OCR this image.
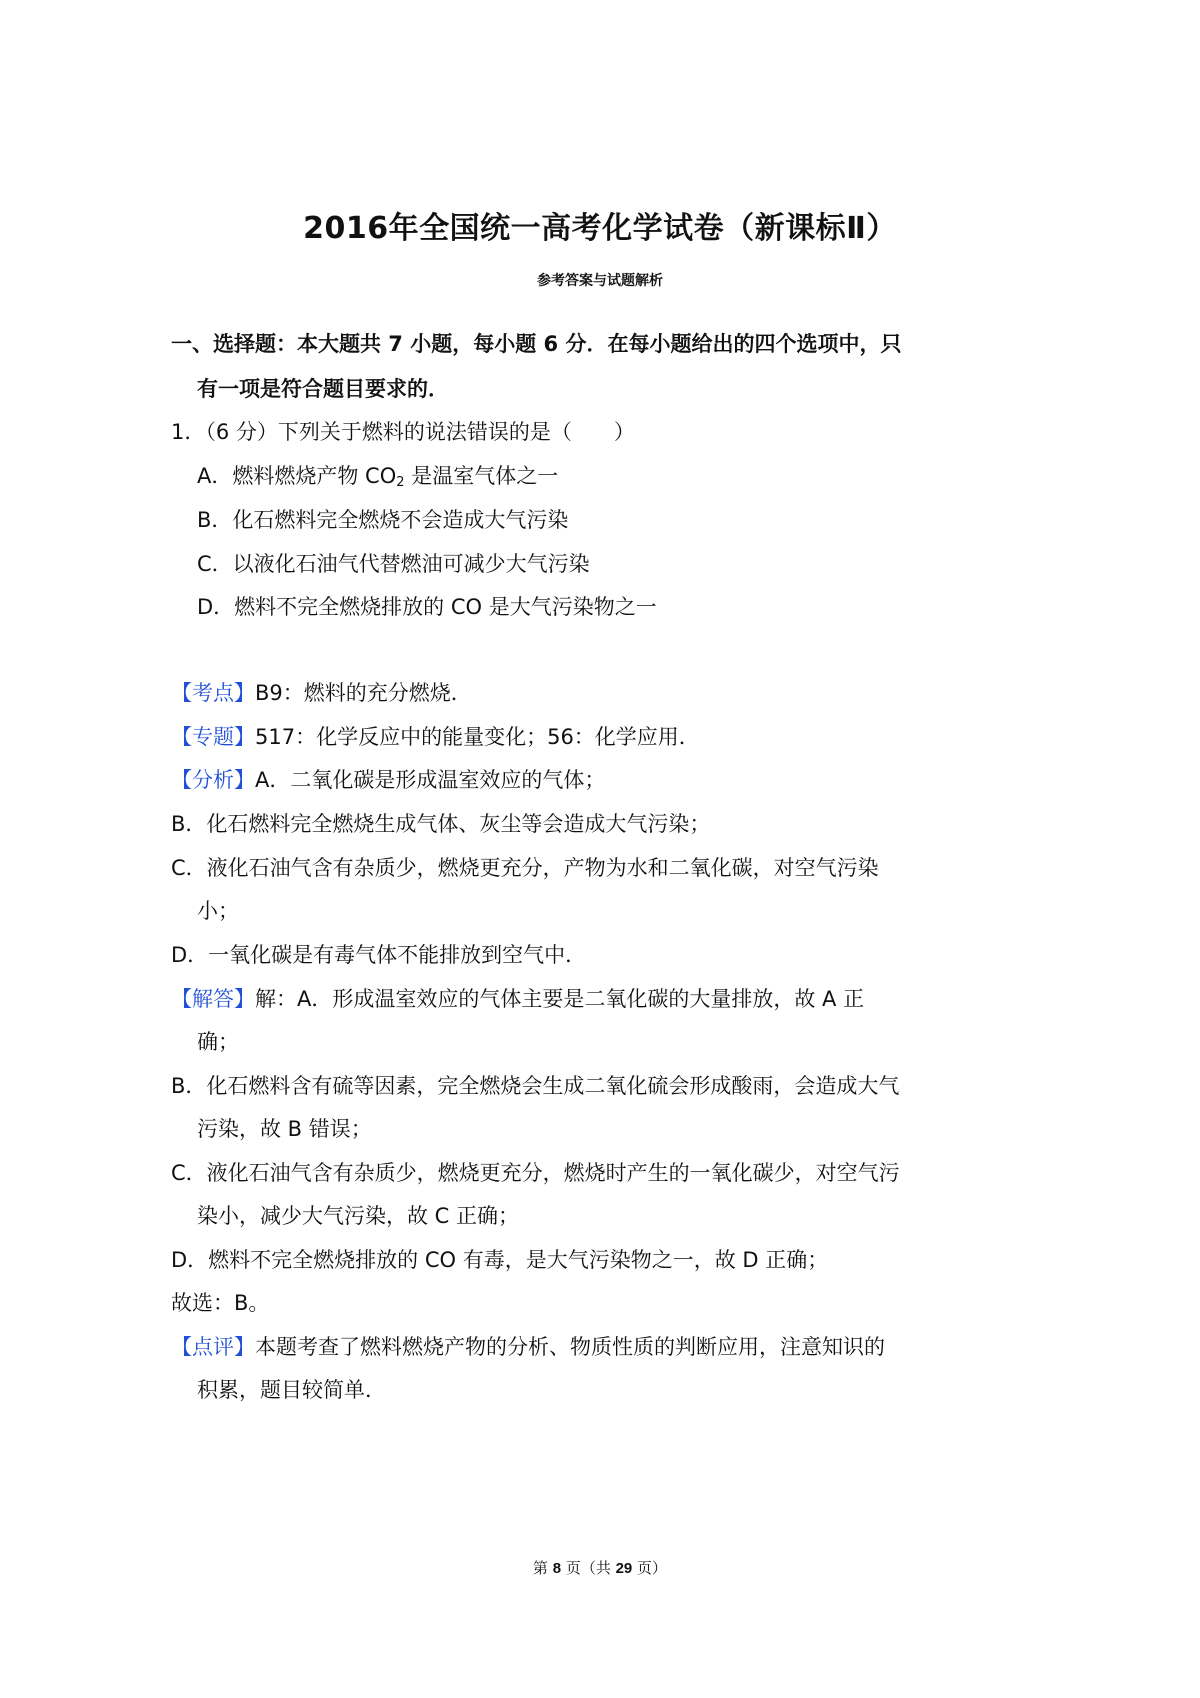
2016年全国统一高考化学试卷（新课标Ⅱ）
参考答案与试题解析
一、选择题：本大题共 7 小题，每小题 6 分．在每小题给出的四个选项中，只
有一项是符合题目要求的．
1．（6 分）下列关于燃料的说法错误的是（　　）
A．燃料燃烧产物 $CO_2$ 是温室气体之一
B．化石燃料完全燃烧不会造成大气污染
C．以液化石油气代替燃油可减少大气污染
D．燃料不完全燃烧排放的 CO 是大气污染物之一
【考点】B9：燃料的充分燃烧．
【专题】517：化学反应中的能量变化；56：化学应用．
【分析】A．二氧化碳是形成温室效应的气体；
B．化石燃料完全燃烧生成气体、灰尘等会造成大气污染；
C．液化石油气含有杂质少，燃烧更充分，产物为水和二氧化碳，对空气污染
小；
D．一氧化碳是有毒气体不能排放到空气中．
【解答】解：A．形成温室效应的气体主要是二氧化碳的大量排放，故 A 正
确；
B．化石燃料含有硫等因素，完全燃烧会生成二氧化硫会形成酸雨，会造成大气
污染，故 B 错误；
C．液化石油气含有杂质少，燃烧更充分，燃烧时产生的一氧化碳少，对空气污
染小，减少大气污染，故 C 正确；
D．燃料不完全燃烧排放的 CO 有毒，是大气污染物之一，故 D 正确；
故选：B。
【点评】本题考查了燃料燃烧产物的分析、物质性质的判断应用，注意知识的
积累，题目较简单．
第 8 页（共 29 页）
